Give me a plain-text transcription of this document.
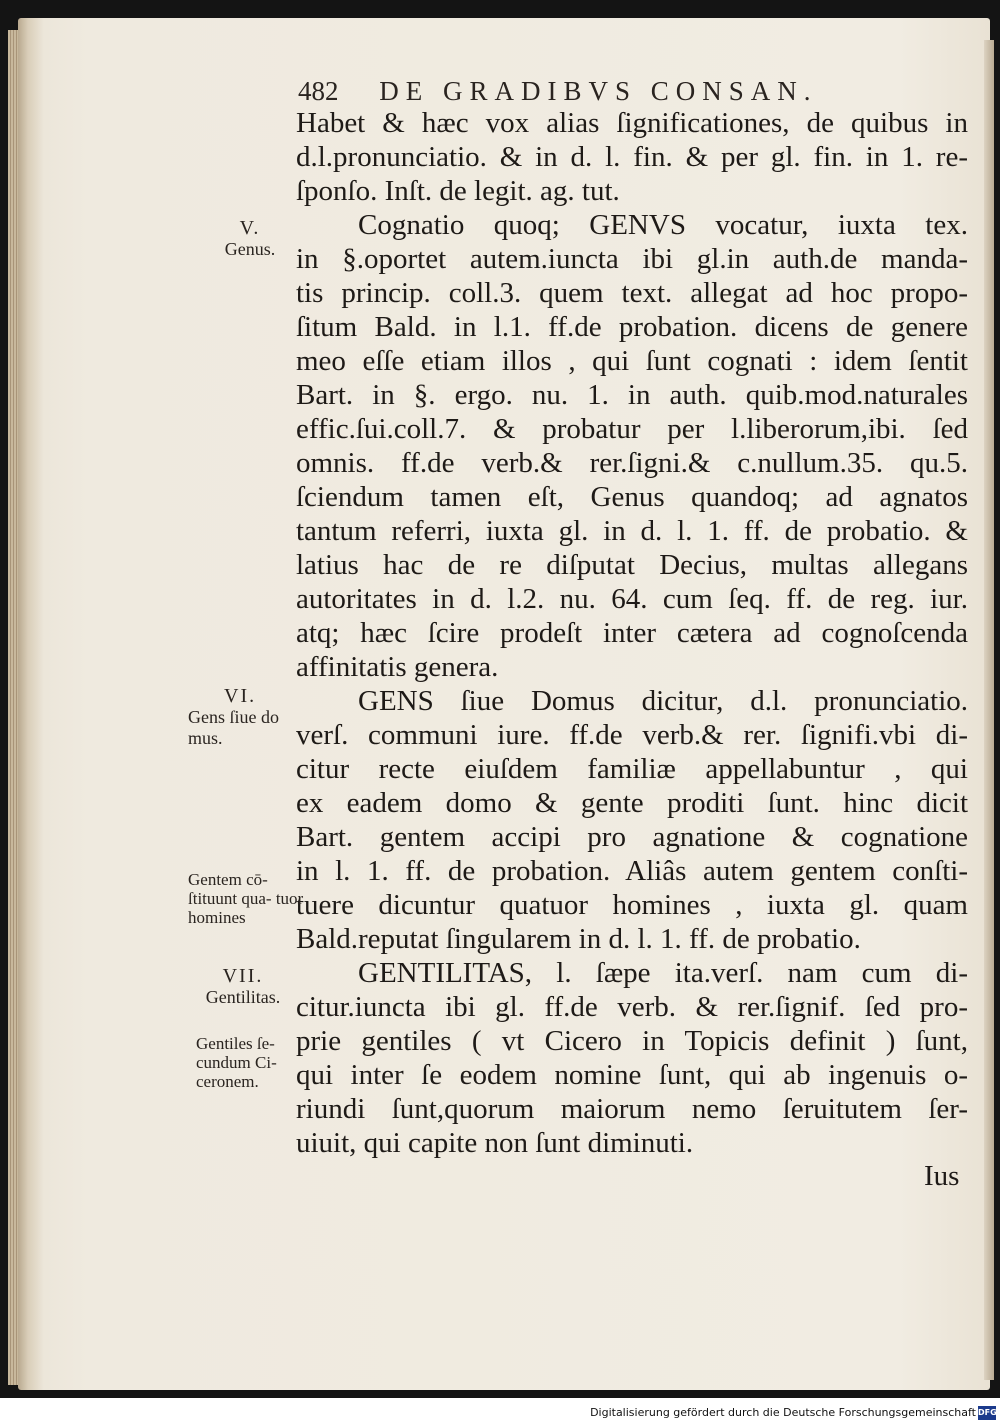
482 DE GRADIBVS CONSAN.
Habet & hæc vox alias ſignificationes, de quibus in
d.l.pronunciatio. & in d. l. fin. & per gl. fin. in 1. re-
ſponſo. Inſt. de legit. ag. tut.
Cognatio quoq; GENVS vocatur, iuxta tex.
in §.oportet autem.iuncta ibi gl.in auth.de manda-
tis princip. coll.3. quem text. allegat ad hoc propo-
ſitum Bald. in l.1. ff.de probation. dicens de genere
meo eſſe etiam illos , qui ſunt cognati : idem ſentit
Bart. in §. ergo. nu. 1. in auth. quib.mod.naturales
effic.ſui.coll.7. & probatur per l.liberorum,ibi. ſed
omnis. ff.de verb.& rer.ſigni.& c.nullum.35. qu.5.
ſciendum tamen eſt, Genus quandoq; ad agnatos
tantum referri, iuxta gl. in d. l. 1. ff. de probatio. &
latius hac de re diſputat Decius, multas allegans
autoritates in d. l.2. nu. 64. cum ſeq. ff. de reg. iur.
atq; hæc ſcire prodeſt inter cætera ad cognoſcenda
affinitatis genera.
GENS ſiue Domus dicitur, d.l. pronunciatio.
verſ. communi iure. ff.de verb.& rer. ſignifi.vbi di-
citur recte eiuſdem familiæ appellabuntur , qui
ex eadem domo & gente proditi ſunt. hinc dicit
Bart. gentem accipi pro agnatione & cognatione
in l. 1. ff. de probation. Aliâs autem gentem conſti-
tuere dicuntur quatuor homines , iuxta gl. quam
Bald.reputat ſingularem in d. l. 1. ff. de probatio.
GENTILITAS, l. ſæpe ita.verſ. nam cum di-
citur.iuncta ibi gl. ff.de verb. & rer.ſignif. ſed pro-
prie gentiles ( vt Cicero in Topicis definit ) ſunt,
qui inter ſe eodem nomine ſunt, qui ab ingenuis o-
riundi ſunt,quorum maiorum nemo ſeruitutem ſer-
uiuit, qui capite non ſunt diminuti.
Ius
V.
Genus.
VI.
Gens ſiue do mus.
Gentem cō- ſtituunt qua- tuor homines
VII.
Gentilitas.
Gentiles ſe- cundum Ci- ceronem.
Digitalisierung gefördert durch die Deutsche Forschungsgemeinschaft DFG
